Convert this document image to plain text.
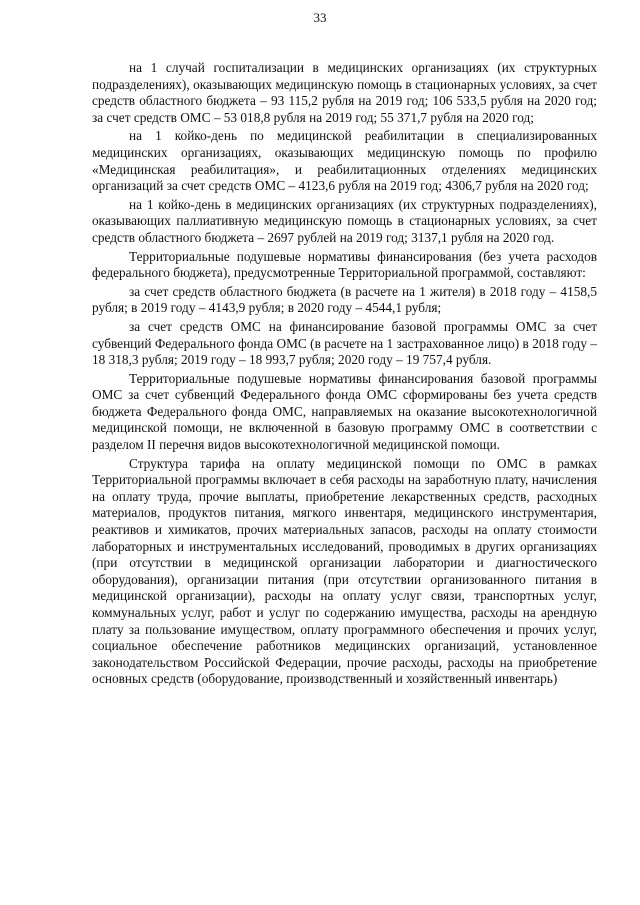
33

на 1 случай госпитализации в медицинских организациях (их структурных подразделениях), оказывающих медицинскую помощь в стационарных условиях, за счет средств областного бюджета – 93 115,2 рубля на 2019 год; 106 533,5 рубля на 2020 год; за счет средств ОМС – 53 018,8 рубля на 2019 год; 55 371,7 рубля на 2020 год;

на 1 койко-день по медицинской реабилитации в специализированных медицинских организациях, оказывающих медицинскую помощь по профилю «Медицинская реабилитация», и реабилитационных отделениях медицинских организаций за счет средств ОМС – 4123,6 рубля на 2019 год; 4306,7 рубля на 2020 год;

на 1 койко-день в медицинских организациях (их структурных подразделениях), оказывающих паллиативную медицинскую помощь в стационарных условиях, за счет средств областного бюджета – 2697 рублей на 2019 год; 3137,1 рубля на 2020 год.

Территориальные подушевые нормативы финансирования (без учета расходов федерального бюджета), предусмотренные Территориальной программой, составляют:

за счет средств областного бюджета (в расчете на 1 жителя) в 2018 году – 4158,5 рубля; в 2019 году – 4143,9 рубля; в 2020 году – 4544,1 рубля;

за счет средств ОМС на финансирование базовой программы ОМС за счет субвенций Федерального фонда ОМС (в расчете на 1 застрахованное лицо) в 2018 году – 18 318,3 рубля; 2019 году – 18 993,7 рубля; 2020 году – 19 757,4 рубля.

Территориальные подушевые нормативы финансирования базовой программы ОМС за счет субвенций Федерального фонда ОМС сформированы без учета средств бюджета Федерального фонда ОМС, направляемых на оказание высокотехнологичной медицинской помощи, не включенной в базовую программу ОМС в соответствии с разделом II перечня видов высокотехнологичной медицинской помощи.

Структура тарифа на оплату медицинской помощи по ОМС в рамках Территориальной программы включает в себя расходы на заработную плату, начисления на оплату труда, прочие выплаты, приобретение лекарственных средств, расходных материалов, продуктов питания, мягкого инвентаря, медицинского инструментария, реактивов и химикатов, прочих материальных запасов, расходы на оплату стоимости лабораторных и инструментальных исследований, проводимых в других организациях (при отсутствии в медицинской организации лаборатории и диагностического оборудования), организации питания (при отсутствии организованного питания в медицинской организации), расходы на оплату услуг связи, транспортных услуг, коммунальных услуг, работ и услуг по содержанию имущества, расходы на арендную плату за пользование имуществом, оплату программного обеспечения и прочих услуг, социальное обеспечение работников медицинских организаций, установленное законодательством Российской Федерации, прочие расходы, расходы на приобретение основных средств (оборудование, производственный и хозяйственный инвентарь)
